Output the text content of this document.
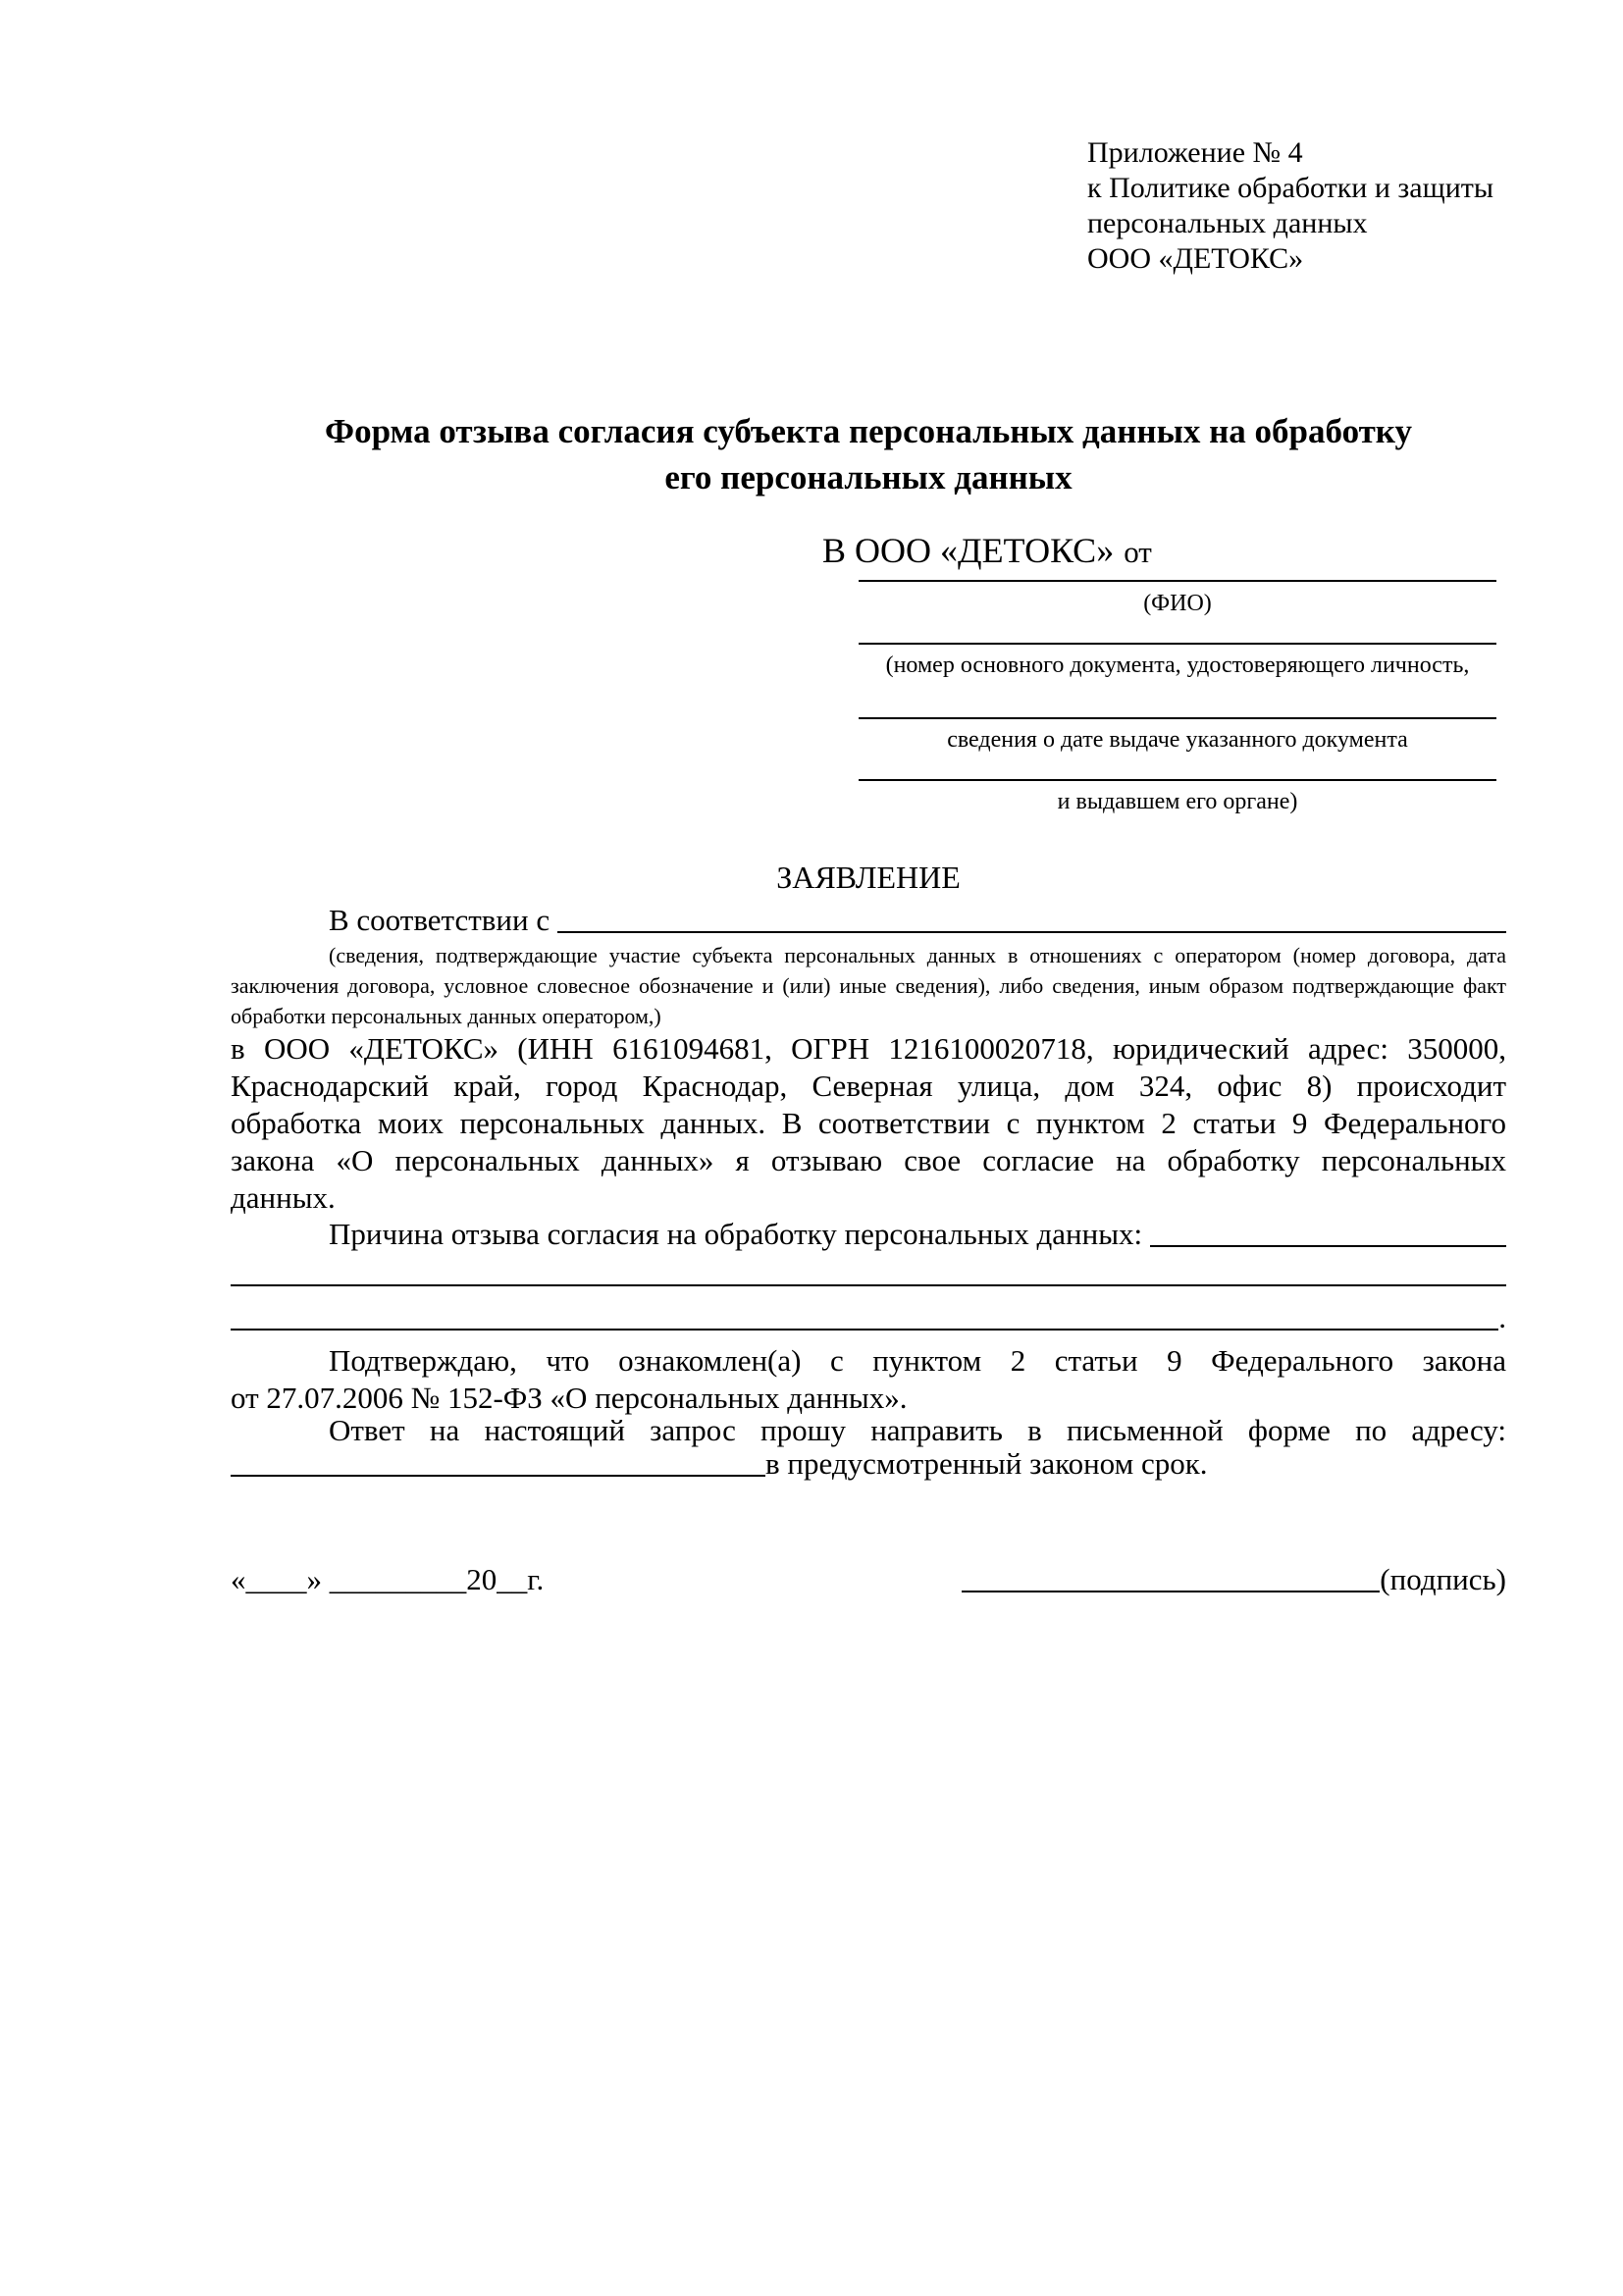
Приложение № 4
к Политике обработки и защиты
персональных данных
ООО «ДЕТОКС»
Форма отзыва согласия субъекта персональных данных на обработку
его персональных данных
В ООО «ДЕТОКС» от
(ФИО)
(номер основного документа, удостоверяющего личность,
сведения о дате выдаче указанного документа
и выдавшем его органе)
ЗАЯВЛЕНИЕ
В соответствии с
(сведения, подтверждающие участие субъекта персональных данных в отношениях с оператором (номер договора, дата
заключения договора, условное словесное обозначение и (или) иные сведения), либо сведения, иным образом подтверждающие факт
обработки персональных данных оператором,)
в ООО «ДЕТОКС» (ИНН 6161094681, ОГРН 1216100020718, юридический адрес: 350000,
Краснодарский край, город Краснодар, Северная улица, дом 324, офис 8) происходит
обработка моих персональных данных. В соответствии с пунктом 2 статьи 9 Федерального
закона «О персональных данных» я отзываю свое согласие на обработку персональных
данных.
Причина отзыва согласия на обработку персональных данных:
.
Подтверждаю, что ознакомлен(а) с пунктом 2 статьи 9 Федерального закона
от 27.07.2006 № 152-ФЗ «О персональных данных».
Ответ на настоящий запрос прошу направить в письменной форме по адресу:
в предусмотренный законом срок.
«____» _________20__г.	(подпись)
